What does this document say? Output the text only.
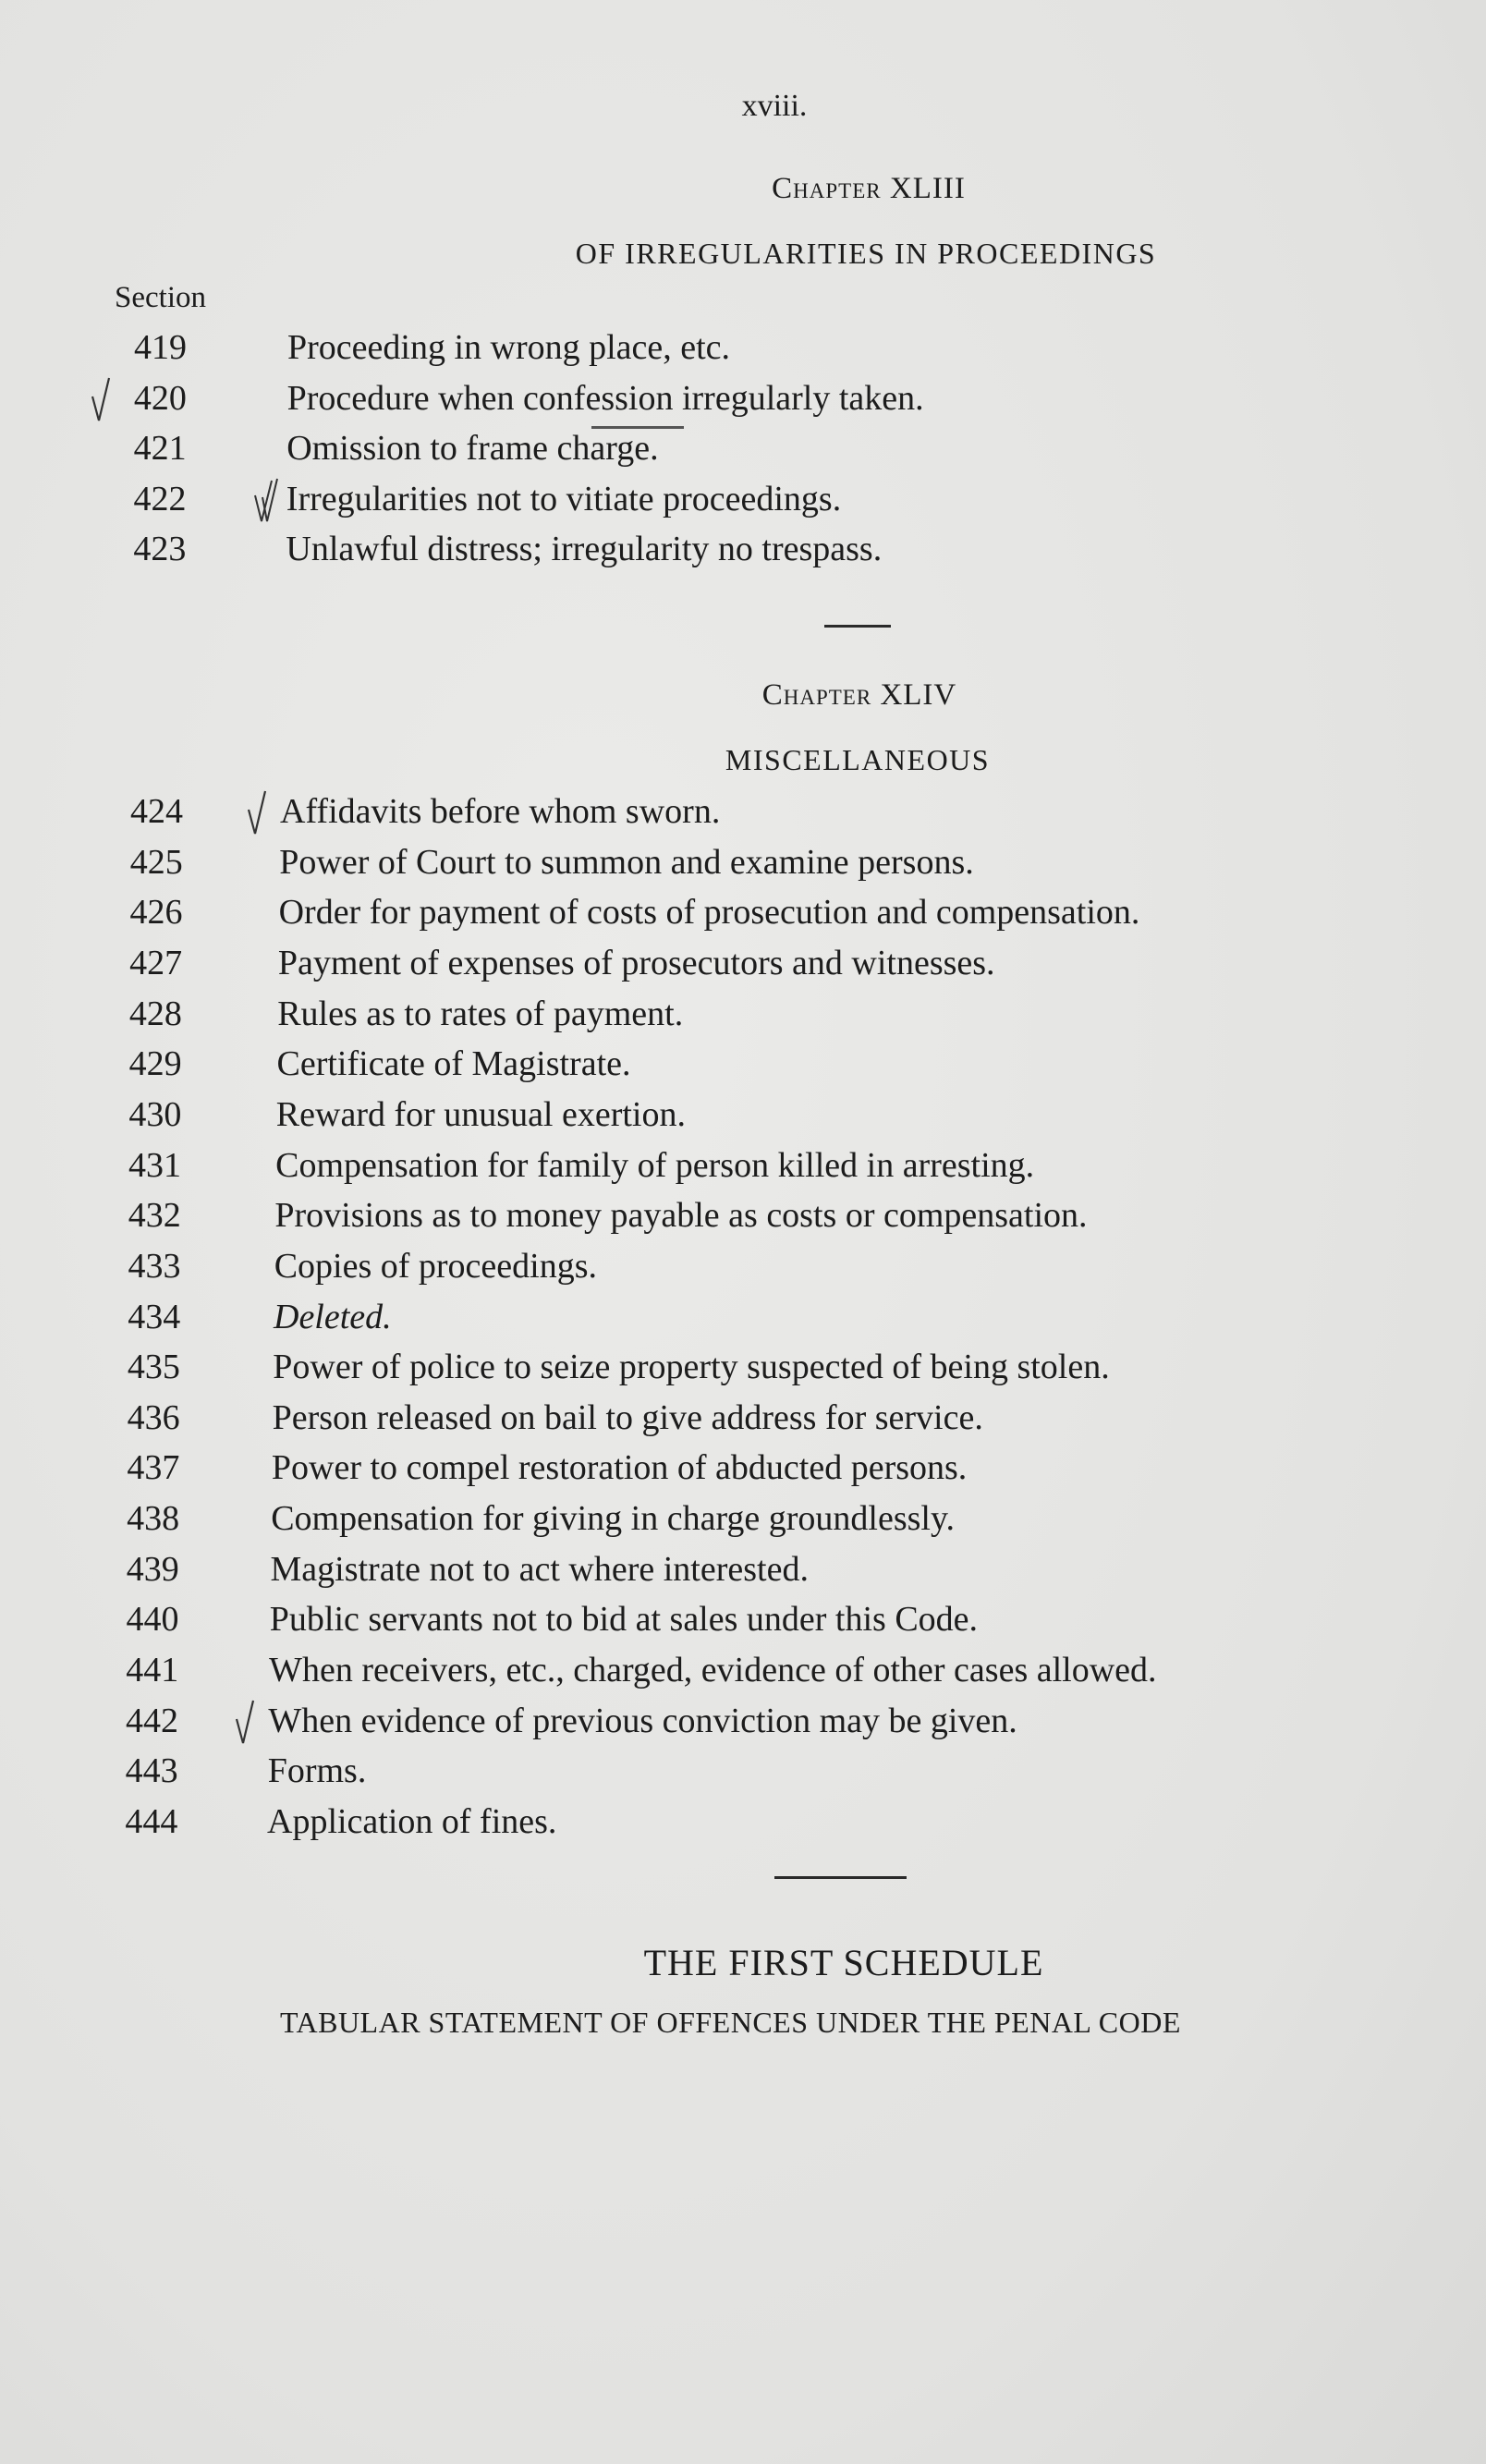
xviii.
Chapter XLIII
OF IRREGULARITIES IN PROCEEDINGS
Section
419	Proceeding in wrong place, etc.
420	Procedure when confession irregularly taken.
421	Omission to frame charge.
422	Irregularities not to vitiate proceedings.
423	Unlawful distress; irregularity no trespass.
Chapter XLIV
MISCELLANEOUS
424	Affidavits before whom sworn.
425	Power of Court to summon and examine persons.
426	Order for payment of costs of prosecution and compensation.
427	Payment of expenses of prosecutors and witnesses.
428	Rules as to rates of payment.
429	Certificate of Magistrate.
430	Reward for unusual exertion.
431	Compensation for family of person killed in arresting.
432	Provisions as to money payable as costs or compensation.
433	Copies of proceedings.
434	Deleted.
435	Power of police to seize property suspected of being stolen.
436	Person released on bail to give address for service.
437	Power to compel restoration of abducted persons.
438	Compensation for giving in charge groundlessly.
439	Magistrate not to act where interested.
440	Public servants not to bid at sales under this Code.
441	When receivers, etc., charged, evidence of other cases allowed.
442	When evidence of previous conviction may be given.
443	Forms.
444	Application of fines.
THE FIRST SCHEDULE
TABULAR STATEMENT OF OFFENCES UNDER THE PENAL CODE
